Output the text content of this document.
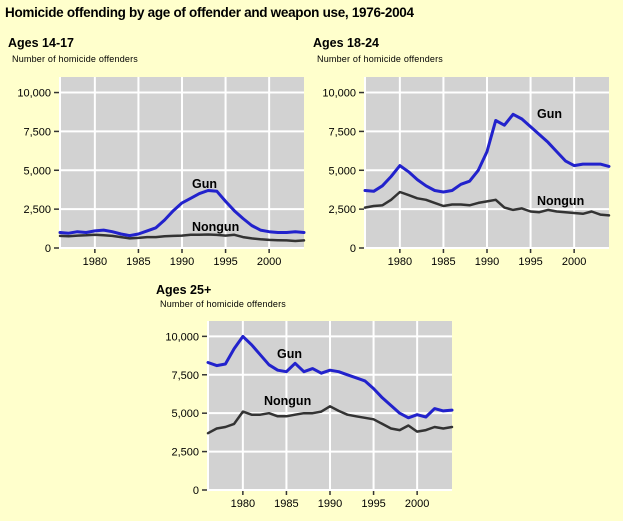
Homicide offending by age of offender and weapon use, 1976-2004
Ages 14-17
Number of homicide offenders
Gun
Nongun
0
2,500
5,000
7,500
10,000
1980 1985 1990 1995 2000
Ages 18-24
Number of homicide offenders
Gun
Nongun
0
2,500
5,000
7,500
10,000
1980 1985 1990 1995 2000
Ages 25+
Number of homicide offenders
Gun
Nongun
0
2,500
5,000
7,500
10,000
1980 1985 1990 1995 2000
